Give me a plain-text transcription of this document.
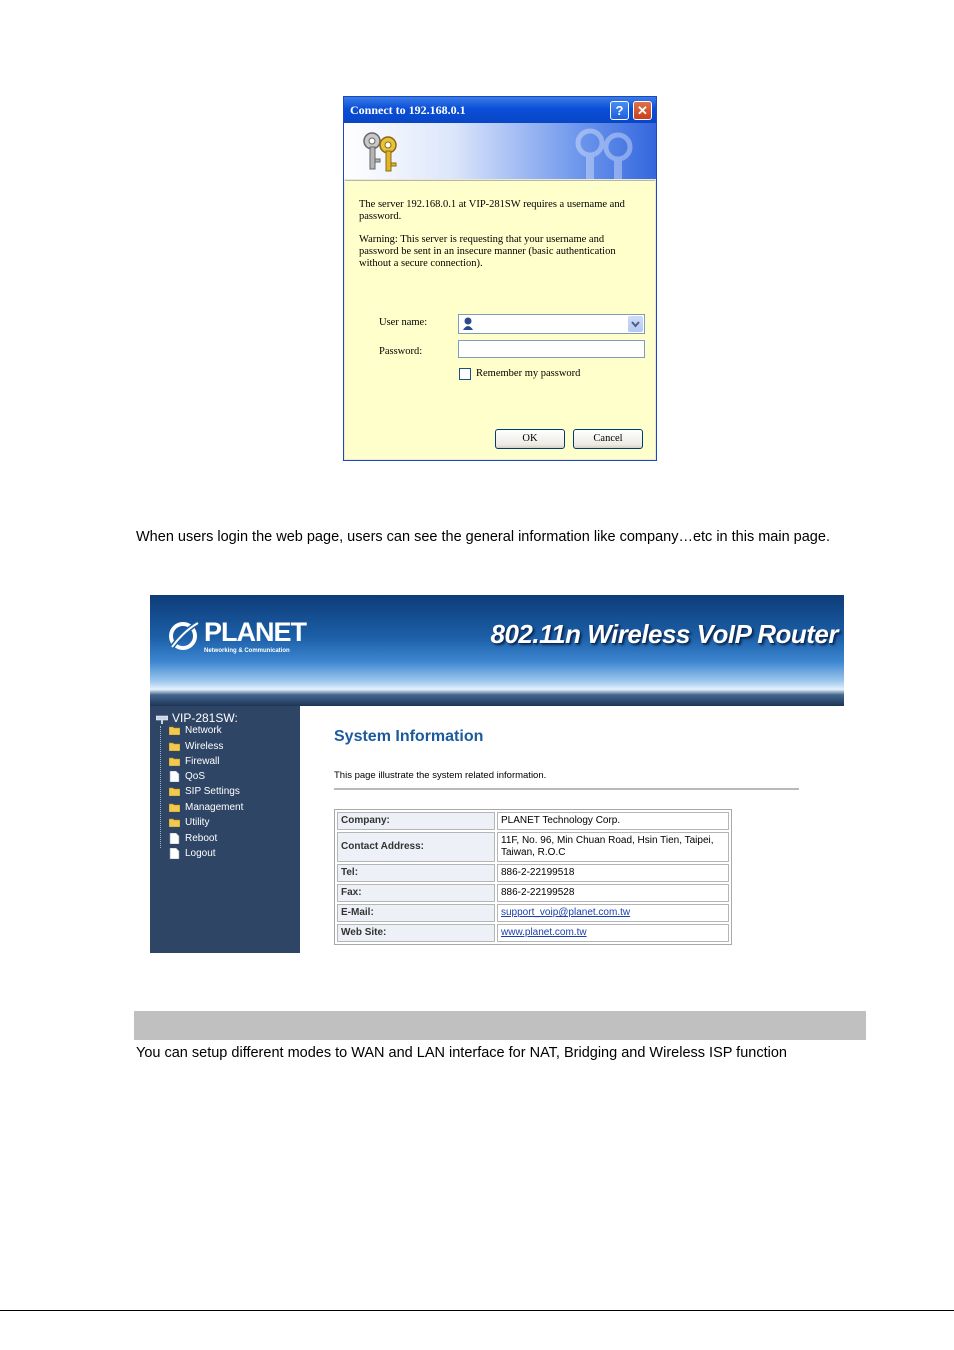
Connect to 192.168.0.1	?	✕
The server 192.168.0.1 at VIP-281SW requires a username and password.
Warning: This server is requesting that your username and password be sent in an insecure manner (basic authentication without a secure connection).
User name:
Password:
Remember my password
OK	Cancel
When users login the web page, users can see the general information like company…etc in this main page.
PLANET
Networking & Communication
802.11n Wireless VoIP Router
VIP-281SW:
Network
Wireless
Firewall
QoS
SIP Settings
Management
Utility
Reboot
Logout
System Information
This page illustrate the system related information.
Company:	PLANET Technology Corp.
Contact Address:	11F, No. 96, Min Chuan Road, Hsin Tien, Taipei, Taiwan, R.O.C
Tel:	886-2-22199518
Fax:	886-2-22199528
E-Mail:	support_voip@planet.com.tw
Web Site:	www.planet.com.tw
You can setup different modes to WAN and LAN interface for NAT, Bridging and Wireless ISP function
